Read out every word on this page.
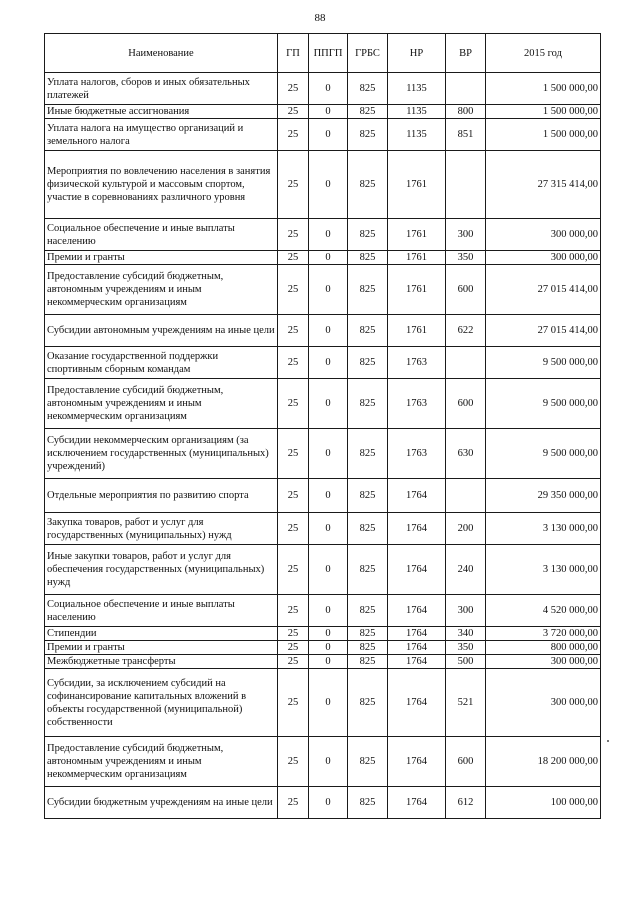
88
Наименование	ГП	ППГП	ГРБС	НР	ВР	2015 год
Уплата налогов, сборов и иных обязательных платежей	25	0	825	1135		1 500 000,00
Иные бюджетные ассигнования	25	0	825	1135	800	1 500 000,00
Уплата налога на имущество организаций и земельного налога	25	0	825	1135	851	1 500 000,00
Мероприятия по вовлечению населения в занятия физической культурой и массовым спортом, участие в соревнованиях различного уровня	25	0	825	1761		27 315 414,00
Социальное обеспечение и иные выплаты населению	25	0	825	1761	300	300 000,00
Премии и гранты	25	0	825	1761	350	300 000,00
Предоставление субсидий бюджетным, автономным учреждениям и иным некоммерческим организациям	25	0	825	1761	600	27 015 414,00
Субсидии автономным учреждениям на иные цели	25	0	825	1761	622	27 015 414,00
Оказание государственной поддержки спортивным сборным командам	25	0	825	1763		9 500 000,00
Предоставление субсидий бюджетным, автономным учреждениям и иным некоммерческим организациям	25	0	825	1763	600	9 500 000,00
Субсидии некоммерческим организациям (за исключением государственных (муниципальных) учреждений)	25	0	825	1763	630	9 500 000,00
Отдельные мероприятия по развитию спорта	25	0	825	1764		29 350 000,00
Закупка товаров, работ и услуг для государственных (муниципальных) нужд	25	0	825	1764	200	3 130 000,00
Иные закупки товаров, работ и услуг для обеспечения государственных (муниципальных) нужд	25	0	825	1764	240	3 130 000,00
Социальное обеспечение и иные выплаты населению	25	0	825	1764	300	4 520 000,00
Стипендии	25	0	825	1764	340	3 720 000,00
Премии и гранты	25	0	825	1764	350	800 000,00
Межбюджетные трансферты	25	0	825	1764	500	300 000,00
Субсидии, за исключением субсидий на софинансирование капитальных вложений в объекты государственной (муниципальной) собственности	25	0	825	1764	521	300 000,00
Предоставление субсидий бюджетным, автономным учреждениям и иным некоммерческим организациям	25	0	825	1764	600	18 200 000,00
Субсидии бюджетным учреждениям на иные цели	25	0	825	1764	612	100 000,00
